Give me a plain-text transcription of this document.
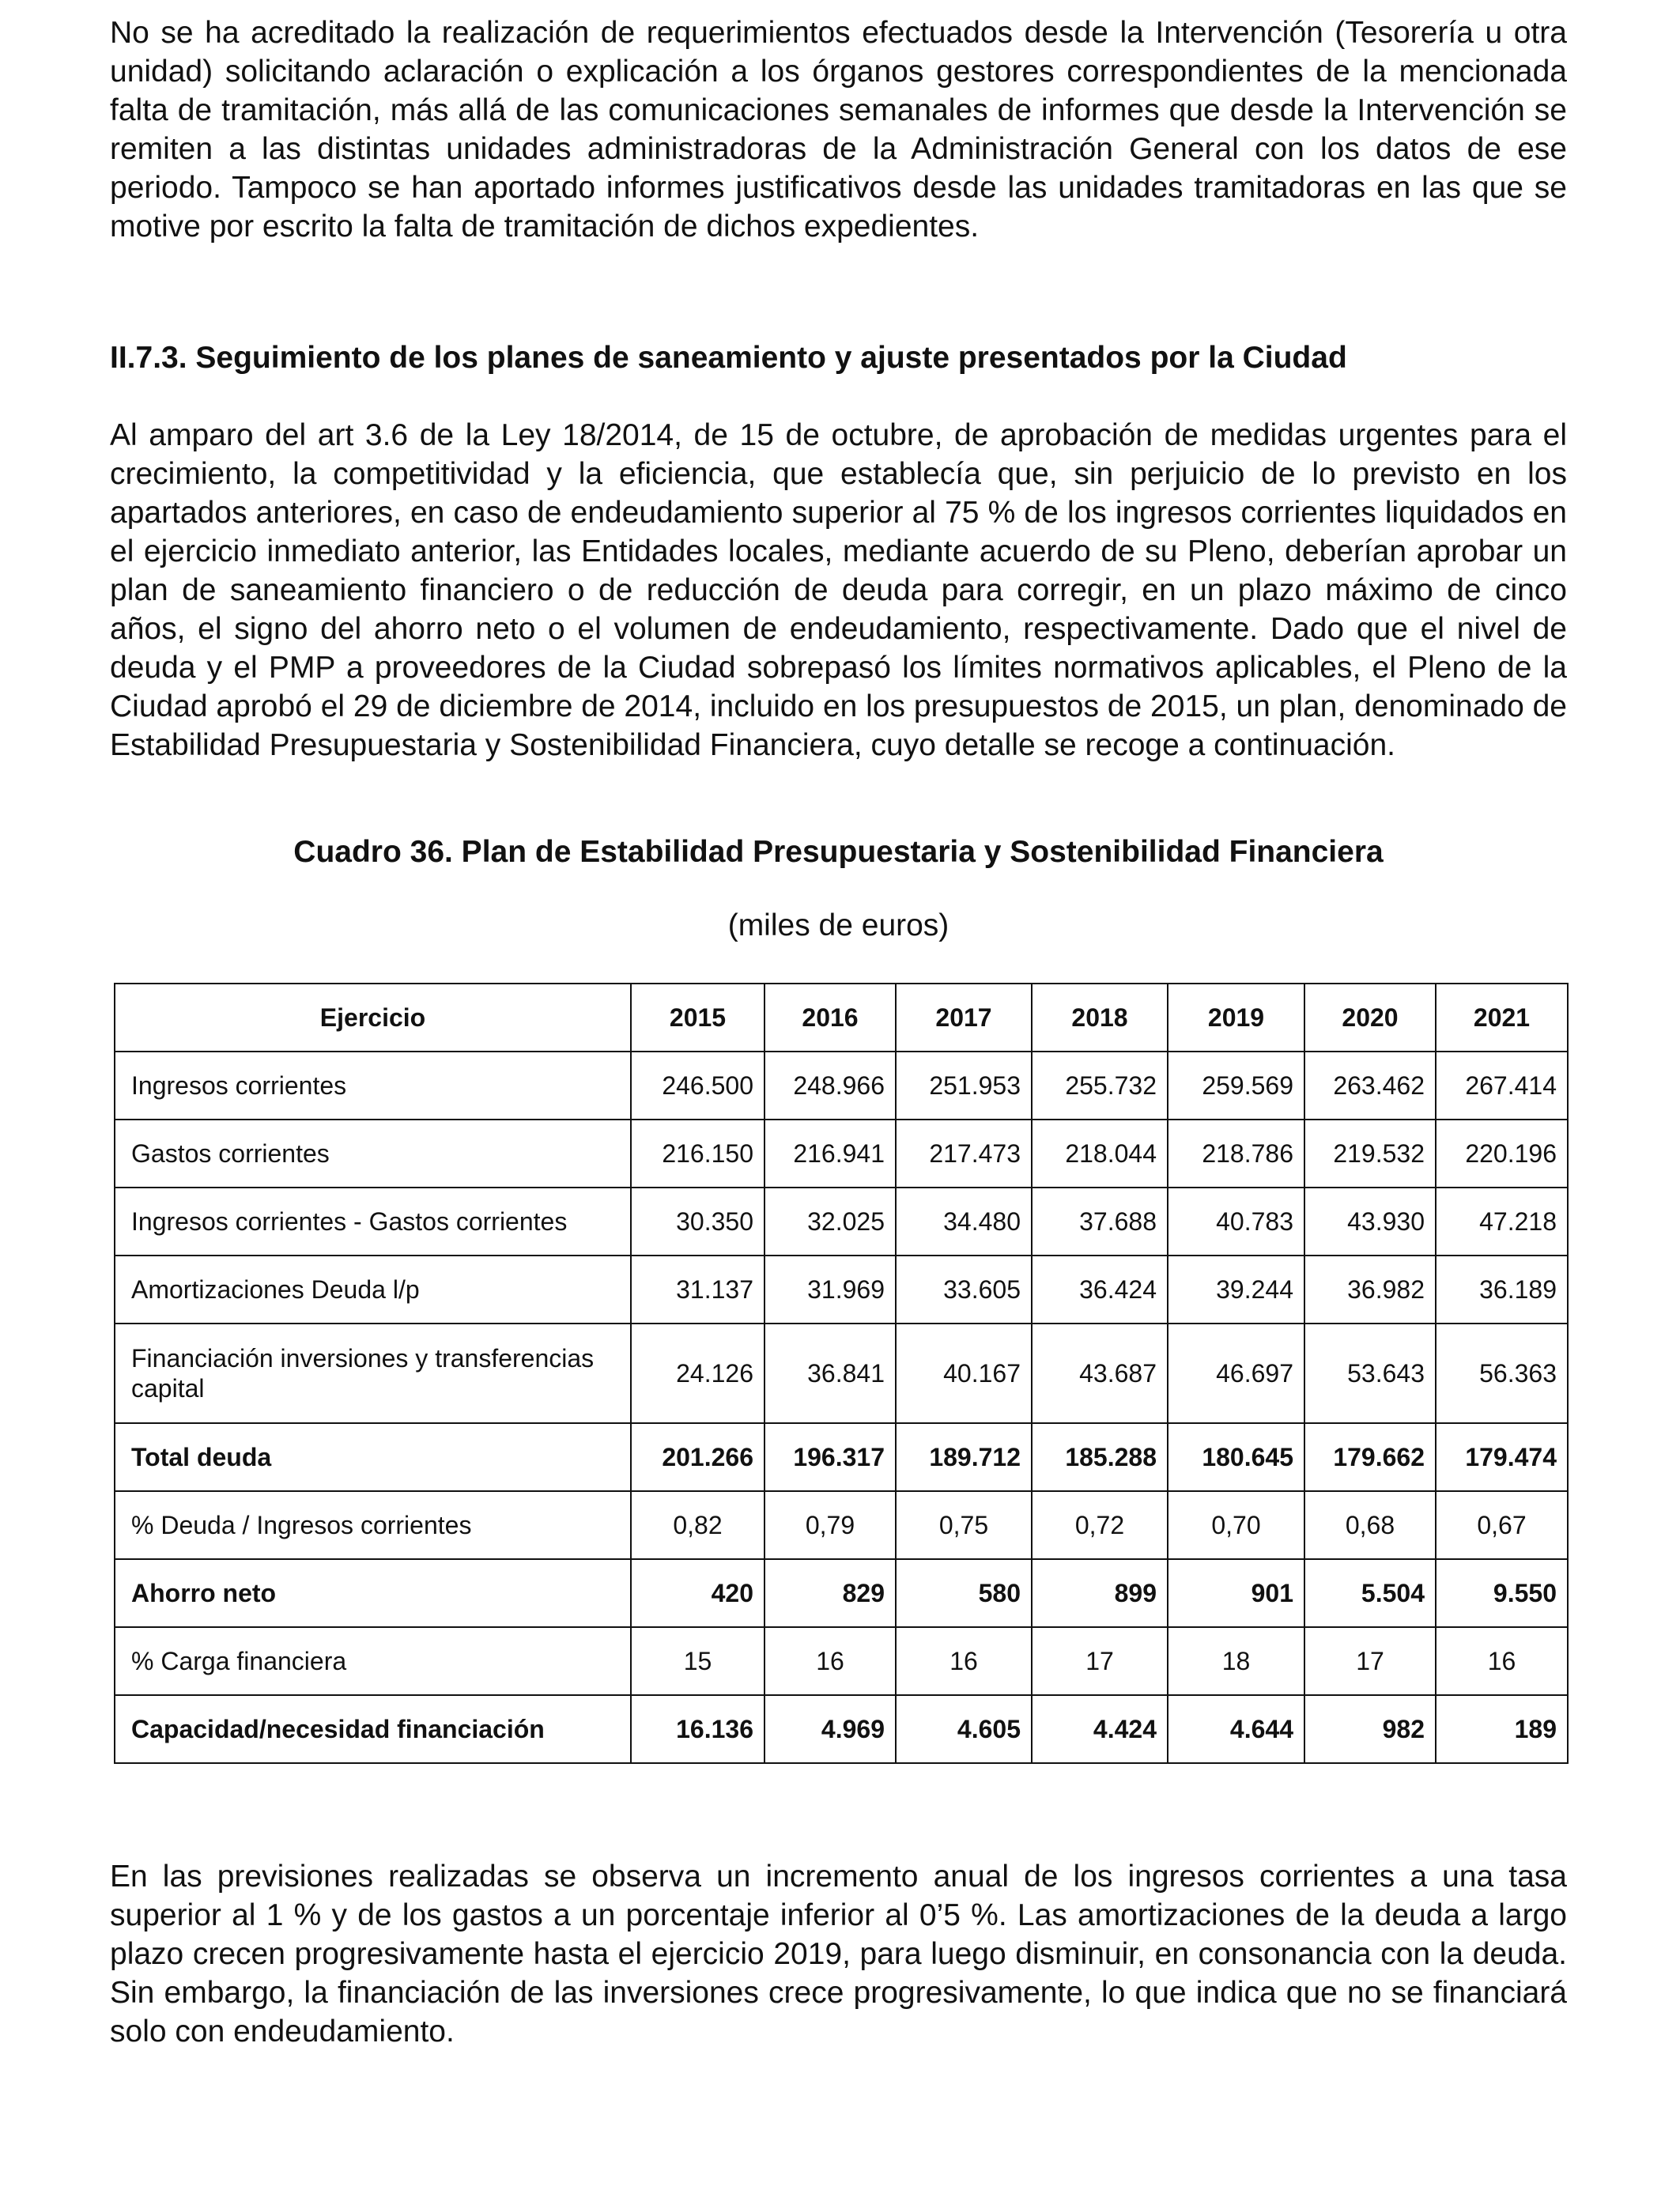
No se ha acreditado la realización de requerimientos efectuados desde la Intervención (Tesorería u otra unidad) solicitando aclaración o explicación a los órganos gestores correspondientes de la mencionada falta de tramitación, más allá de las comunicaciones semanales de informes que desde la Intervención se remiten a las distintas unidades administradoras de la Administración General con los datos de ese periodo. Tampoco se han aportado informes justificativos desde las unidades tramitadoras en las que se motive por escrito la falta de tramitación de dichos expedientes.

II.7.3. Seguimiento de los planes de saneamiento y ajuste presentados por la Ciudad

Al amparo del art 3.6 de la Ley 18/2014, de 15 de octubre, de aprobación de medidas urgentes para el crecimiento, la competitividad y la eficiencia, que establecía que, sin perjuicio de lo previsto en los apartados anteriores, en caso de endeudamiento superior al 75 % de los ingresos corrientes liquidados en el ejercicio inmediato anterior, las Entidades locales, mediante acuerdo de su Pleno, deberían aprobar un plan de saneamiento financiero o de reducción de deuda para corregir, en un plazo máximo de cinco años, el signo del ahorro neto o el volumen de endeudamiento, respectivamente. Dado que el nivel de deuda y el PMP a proveedores de la Ciudad sobrepasó los límites normativos aplicables, el Pleno de la Ciudad aprobó el 29 de diciembre de 2014, incluido en los presupuestos de 2015, un plan, denominado de Estabilidad Presupuestaria y Sostenibilidad Financiera, cuyo detalle se recoge a continuación.

Cuadro 36. Plan de Estabilidad Presupuestaria y Sostenibilidad Financiera

(miles de euros)

Ejercicio	2015	2016	2017	2018	2019	2020	2021
Ingresos corrientes	246.500	248.966	251.953	255.732	259.569	263.462	267.414
Gastos corrientes	216.150	216.941	217.473	218.044	218.786	219.532	220.196
Ingresos corrientes - Gastos corrientes	30.350	32.025	34.480	37.688	40.783	43.930	47.218
Amortizaciones Deuda l/p	31.137	31.969	33.605	36.424	39.244	36.982	36.189
Financiación inversiones y transferencias capital	24.126	36.841	40.167	43.687	46.697	53.643	56.363
Total deuda	201.266	196.317	189.712	185.288	180.645	179.662	179.474
% Deuda / Ingresos corrientes	0,82	0,79	0,75	0,72	0,70	0,68	0,67
Ahorro neto	420	829	580	899	901	5.504	9.550
% Carga financiera	15	16	16	17	18	17	16
Capacidad/necesidad financiación	16.136	4.969	4.605	4.424	4.644	982	189

En las previsiones realizadas se observa un incremento anual de los ingresos corrientes a una tasa superior al 1 % y de los gastos a un porcentaje inferior al 0’5 %. Las amortizaciones de la deuda a largo plazo crecen progresivamente hasta el ejercicio 2019, para luego disminuir, en consonancia con la deuda. Sin embargo, la financiación de las inversiones crece progresivamente, lo que indica que no se financiará solo con endeudamiento.
